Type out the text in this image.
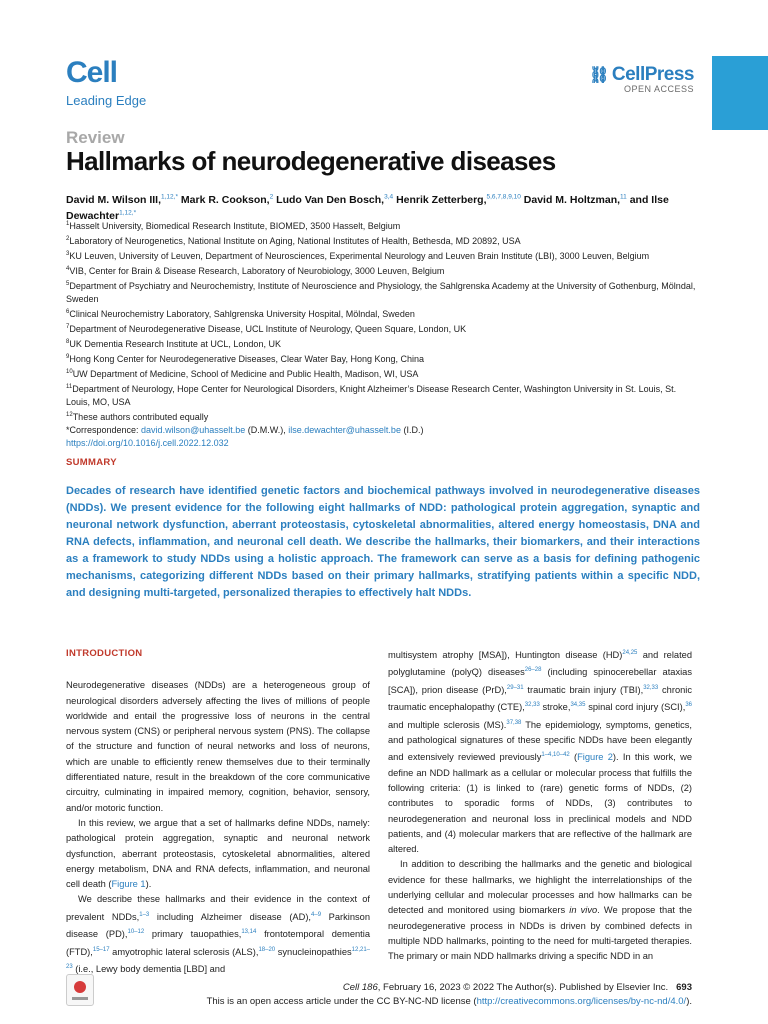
Cell
Leading Edge
⛓ CellPress
OPEN ACCESS
Review
Hallmarks of neurodegenerative diseases
David M. Wilson III,$^{1,12,*}$ Mark R. Cookson,$^2$ Ludo Van Den Bosch,$^{3,4}$ Henrik Zetterberg,$^{5,6,7,8,9,10}$ David M. Holtzman,$^{11}$ and Ilse Dewachter$^{1,12,*}$

$^1$Hasselt University, Biomedical Research Institute, BIOMED, 3500 Hasselt, Belgium

$^2$Laboratory of Neurogenetics, National Institute on Aging, National Institutes of Health, Bethesda, MD 20892, USA

$^3$KU Leuven, University of Leuven, Department of Neurosciences, Experimental Neurology and Leuven Brain Institute (LBI), 3000 Leuven, Belgium

$^4$VIB, Center for Brain & Disease Research, Laboratory of Neurobiology, 3000 Leuven, Belgium

$^5$Department of Psychiatry and Neurochemistry, Institute of Neuroscience and Physiology, the Sahlgrenska Academy at the University of Gothenburg, Mölndal, Sweden

$^6$Clinical Neurochemistry Laboratory, Sahlgrenska University Hospital, Mölndal, Sweden

$^7$Department of Neurodegenerative Disease, UCL Institute of Neurology, Queen Square, London, UK

$^8$UK Dementia Research Institute at UCL, London, UK

$^9$Hong Kong Center for Neurodegenerative Diseases, Clear Water Bay, Hong Kong, China

$^{10}$UW Department of Medicine, School of Medicine and Public Health, Madison, WI, USA

$^{11}$Department of Neurology, Hope Center for Neurological Disorders, Knight Alzheimer’s Disease Research Center, Washington University in St. Louis, St. Louis, MO, USA

$^{12}$These authors contributed equally

*Correspondence: david.wilson@uhasselt.be (D.M.W.), ilse.dewachter@uhasselt.be (I.D.)

https://doi.org/10.1016/j.cell.2022.12.032

SUMMARY
Decades of research have identified genetic factors and biochemical pathways involved in neurodegenerative diseases (NDDs). We present evidence for the following eight hallmarks of NDD: pathological protein aggregation, synaptic and neuronal network dysfunction, aberrant proteostasis, cytoskeletal abnormalities, altered energy homeostasis, DNA and RNA defects, inflammation, and neuronal cell death. We describe the hallmarks, their biomarkers, and their interactions as a framework to study NDDs using a holistic approach. The framework can serve as a basis for defining pathogenic mechanisms, categorizing different NDDs based on their primary hallmarks, stratifying patients within a specific NDD, and designing multi-targeted, personalized therapies to effectively halt NDDs.
INTRODUCTION

Neurodegenerative diseases (NDDs) are a heterogeneous group of neurological disorders adversely affecting the lives of millions of people worldwide and entail the progressive loss of neurons in the central nervous system (CNS) or peripheral nervous system (PNS). The collapse of the structure and function of neural networks and loss of neurons, which are unable to efficiently renew themselves due to their terminally differentiated nature, result in the breakdown of the core communicative circuitry, culminating in impaired memory, cognition, behavior, sensory, and/or motoric function.

In this review, we argue that a set of hallmarks define NDDs, namely: pathological protein aggregation, synaptic and neuronal network dysfunction, aberrant proteostasis, cytoskeletal abnormalities, altered energy metabolism, DNA and RNA defects, inflammation, and neuronal cell death (Figure 1).

We describe these hallmarks and their evidence in the context of prevalent NDDs,$^{1-3}$ including Alzheimer disease (AD),$^{4-9}$ Parkinson disease (PD),$^{10-12}$ primary tauopathies,$^{13,14}$ frontotemporal dementia (FTD),$^{15-17}$ amyotrophic lateral sclerosis (ALS),$^{18-20}$ synucleinopathies$^{12,21-23}$ (i.e., Lewy body dementia [LBD] and

multisystem atrophy [MSA]), Huntington disease (HD)$^{24,25}$ and related polyglutamine (polyQ) diseases$^{26-28}$ (including spinocerebellar ataxias [SCA]), prion disease (PrD),$^{29-31}$ traumatic brain injury (TBI),$^{32,33}$ chronic traumatic encephalopathy (CTE),$^{32,33}$ stroke,$^{34,35}$ spinal cord injury (SCI),$^{36}$ and multiple sclerosis (MS).$^{37,38}$ The epidemiology, symptoms, genetics, and pathological signatures of these specific NDDs have been elegantly and extensively reviewed previously$^{1-4,10-42}$ (Figure 2). In this work, we define an NDD hallmark as a cellular or molecular process that fulfills the following criteria: (1) is linked to (rare) genetic forms of NDDs, (2) contributes to sporadic forms of NDDs, (3) contributes to neurodegeneration and neuronal loss in preclinical models and NDD patients, and (4) molecular markers that are reflective of the hallmark are altered.

In addition to describing the hallmarks and the genetic and biological evidence for these hallmarks, we highlight the interrelationships of the underlying cellular and molecular processes and how hallmarks can be detected and monitored using biomarkers in vivo. We propose that the neurodegenerative process in NDDs is driven by combined defects in multiple NDD hallmarks, pointing to the need for multi-targeted therapies. The primary or main NDD hallmarks driving a specific NDD in an

Cell 186, February 16, 2023 © 2022 The Author(s). Published by Elsevier Inc. 693
This is an open access article under the CC BY-NC-ND license (http://creativecommons.org/licenses/by-nc-nd/4.0/).
